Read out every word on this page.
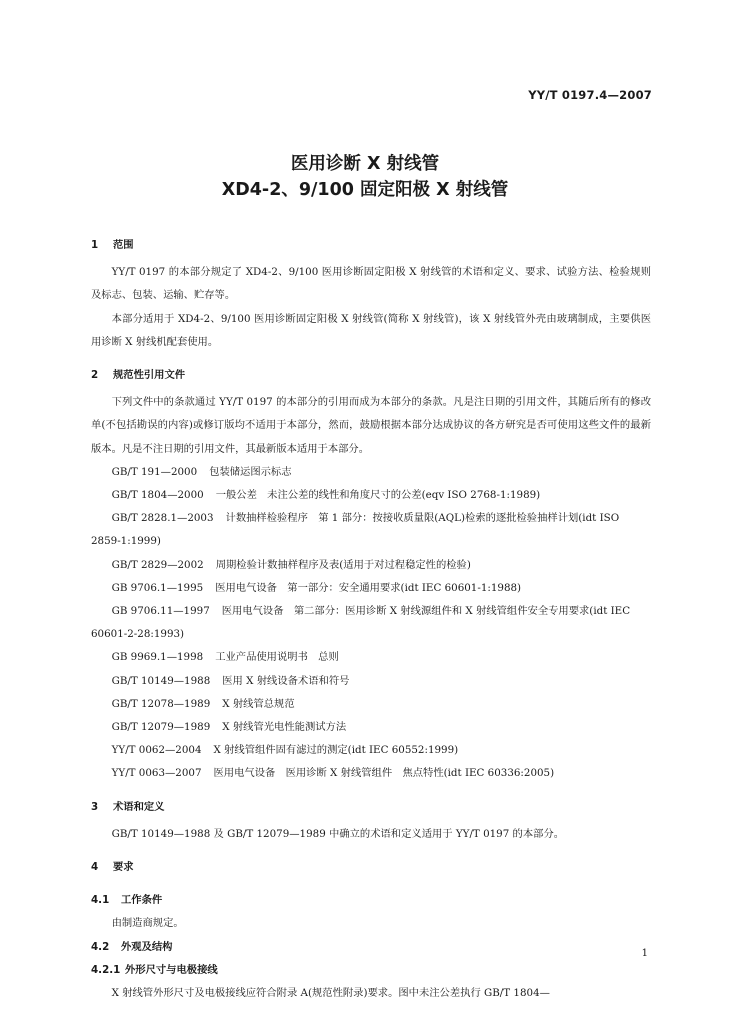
YY/T 0197.4—2007
医用诊断 X 射线管
XD4-2、9/100 固定阳极 X 射线管
1 范围

YY/T 0197 的本部分规定了 XD4-2、9/100 医用诊断固定阳极 X 射线管的术语和定义、要求、试验方法、检验规则及标志、包装、运输、贮存等。

本部分适用于 XD4-2、9/100 医用诊断固定阳极 X 射线管(简称 X 射线管)，该 X 射线管外壳由玻璃制成，主要供医用诊断 X 射线机配套使用。

2 规范性引用文件

下列文件中的条款通过 YY/T 0197 的本部分的引用而成为本部分的条款。凡是注日期的引用文件，其随后所有的修改单(不包括勘误的内容)或修订版均不适用于本部分，然而，鼓励根据本部分达成协议的各方研究是否可使用这些文件的最新版本。凡是不注日期的引用文件，其最新版本适用于本部分。

GB/T 191—2000 包装储运图示标志

GB/T 1804—2000 一般公差　未注公差的线性和角度尺寸的公差(eqv ISO 2768-1:1989)

GB/T 2828.1—2003 计数抽样检验程序　第 1 部分：按接收质量限(AQL)检索的逐批检验抽样计划(idt ISO 2859-1:1999)

GB/T 2829—2002 周期检验计数抽样程序及表(适用于对过程稳定性的检验)

GB 9706.1—1995 医用电气设备　第一部分：安全通用要求(idt IEC 60601-1:1988)

GB 9706.11—1997 医用电气设备　第二部分：医用诊断 X 射线源组件和 X 射线管组件安全专用要求(idt IEC 60601-2-28:1993)

GB 9969.1—1998 工业产品使用说明书　总则

GB/T 10149—1988 医用 X 射线设备术语和符号

GB/T 12078—1989 X 射线管总规范

GB/T 12079—1989 X 射线管光电性能测试方法

YY/T 0062—2004 X 射线管组件固有滤过的测定(idt IEC 60552:1999)

YY/T 0063—2007 医用电气设备　医用诊断 X 射线管组件　焦点特性(idt IEC 60336:2005)

3 术语和定义

GB/T 10149—1988 及 GB/T 12079—1989 中确立的术语和定义适用于 YY/T 0197 的本部分。

4 要求
4.1 工作条件

由制造商规定。

4.2 外观及结构
4.2.1 外形尺寸与电极接线

X 射线管外形尺寸及电极接线应符合附录 A(规范性附录)要求。图中未注公差执行 GB/T 1804—

1
